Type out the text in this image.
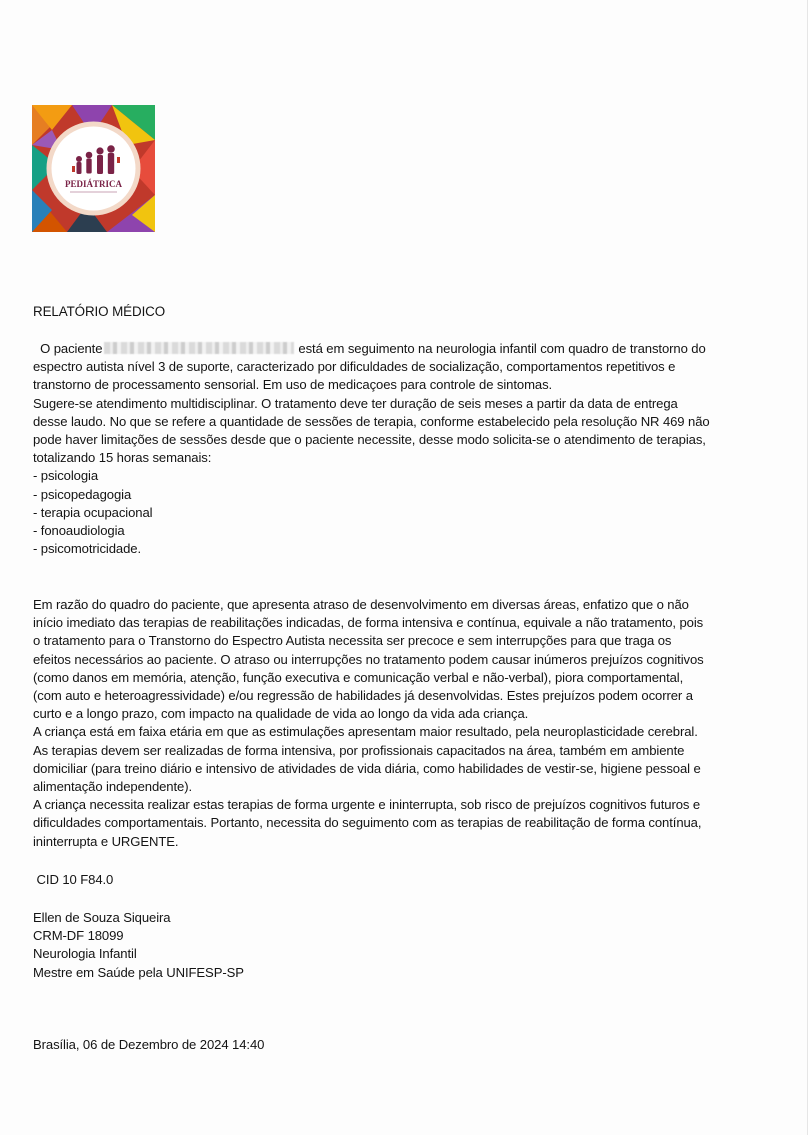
PEDIÁTRICA
RELATÓRIO MÉDICO
O paciente	está em seguimento na neurologia infantil com quadro de transtorno do
espectro autista nível 3 de suporte, caracterizado por dificuldades de socialização, comportamentos repetitivos e
transtorno de processamento sensorial. Em uso de medicaçoes para controle de sintomas.
Sugere-se atendimento multidisciplinar. O tratamento deve ter duração de seis meses a partir da data de entrega
desse laudo. No que se refere a quantidade de sessões de terapia, conforme estabelecido pela resolução NR 469 não
pode haver limitações de sessões desde que o paciente necessite, desse modo solicita-se o atendimento de terapias,
totalizando 15 horas semanais:
- psicologia
- psicopedagogia
- terapia ocupacional
- fonoaudiologia
- psicomotricidade.
Em razão do quadro do paciente, que apresenta atraso de desenvolvimento em diversas áreas, enfatizo que o não
início imediato das terapias de reabilitações indicadas, de forma intensiva e contínua, equivale a não tratamento, pois
o tratamento para o Transtorno do Espectro Autista necessita ser precoce e sem interrupções para que traga os
efeitos necessários ao paciente. O atraso ou interrupções no tratamento podem causar inúmeros prejuízos cognitivos
(como danos em memória, atenção, função executiva e comunicação verbal e não-verbal), piora comportamental,
(com auto e heteroagressividade) e/ou regressão de habilidades já desenvolvidas. Estes prejuízos podem ocorrer a
curto e a longo prazo, com impacto na qualidade de vida ao longo da vida ada criança.
A criança está em faixa etária em que as estimulações apresentam maior resultado, pela neuroplasticidade cerebral.
As terapias devem ser realizadas de forma intensiva, por profissionais capacitados na área, também em ambiente
domiciliar (para treino diário e intensivo de atividades de vida diária, como habilidades de vestir-se, higiene pessoal e
alimentação independente).
A criança necessita realizar estas terapias de forma urgente e ininterrupta, sob risco de prejuízos cognitivos futuros e
dificuldades comportamentais. Portanto, necessita do seguimento com as terapias de reabilitação de forma contínua,
ininterrupta e URGENTE.
CID 10 F84.0
Ellen de Souza Siqueira
CRM-DF 18099
Neurologia Infantil
Mestre em Saúde pela UNIFESP-SP
Brasília, 06 de Dezembro de 2024 14:40
